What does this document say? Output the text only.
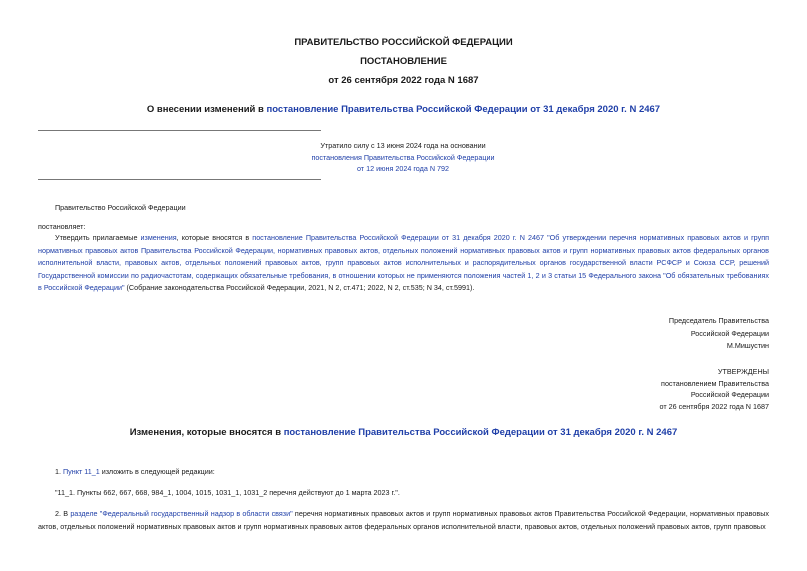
ПРАВИТЕЛЬСТВО РОССИЙСКОЙ ФЕДЕРАЦИИ
ПОСТАНОВЛЕНИЕ
от 26 сентября 2022 года N 1687
О внесении изменений в постановление Правительства Российской Федерации от 31 декабря 2020 г. N 2467
Утратило силу с 13 июня 2024 года на основании
постановления Правительства Российской Федерации
от 12 июня 2024 года N 792
Правительство Российской Федерации
постановляет:
Утвердить прилагаемые изменения, которые вносятся в постановление Правительства Российской Федерации от 31 декабря 2020 г. N 2467 "Об утверждении перечня нормативных правовых актов и групп нормативных правовых актов Правительства Российской Федерации, нормативных правовых актов, отдельных положений нормативных правовых актов и групп нормативных правовых актов федеральных органов исполнительной власти, правовых актов, отдельных положений правовых актов, групп правовых актов исполнительных и распорядительных органов государственной власти РСФСР и Союза ССР, решений Государственной комиссии по радиочастотам, содержащих обязательные требования, в отношении которых не применяются положения частей 1, 2 и 3 статьи 15 Федерального закона "Об обязательных требованиях в Российской Федерации" (Собрание законодательства Российской Федерации, 2021, N 2, ст.471; 2022, N 2, ст.535; N 34, ст.5991).
Председатель Правительства
Российской Федерации
М.Мишустин
УТВЕРЖДЕНЫ
постановлением Правительства
Российской Федерации
от 26 сентября 2022 года N 1687
Изменения, которые вносятся в постановление Правительства Российской Федерации от 31 декабря 2020 г. N 2467
1. Пункт 11_1 изложить в следующей редакции:
"11_1. Пункты 662, 667, 668, 984_1, 1004, 1015, 1031_1, 1031_2 перечня действуют до 1 марта 2023 г.".
2. В разделе "Федеральный государственный надзор в области связи" перечня нормативных правовых актов и групп нормативных правовых актов Правительства Российской Федерации, нормативных правовых актов, отдельных положений нормативных правовых актов и групп нормативных правовых актов федеральных органов исполнительной власти, правовых актов, отдельных положений правовых актов, групп правовых
